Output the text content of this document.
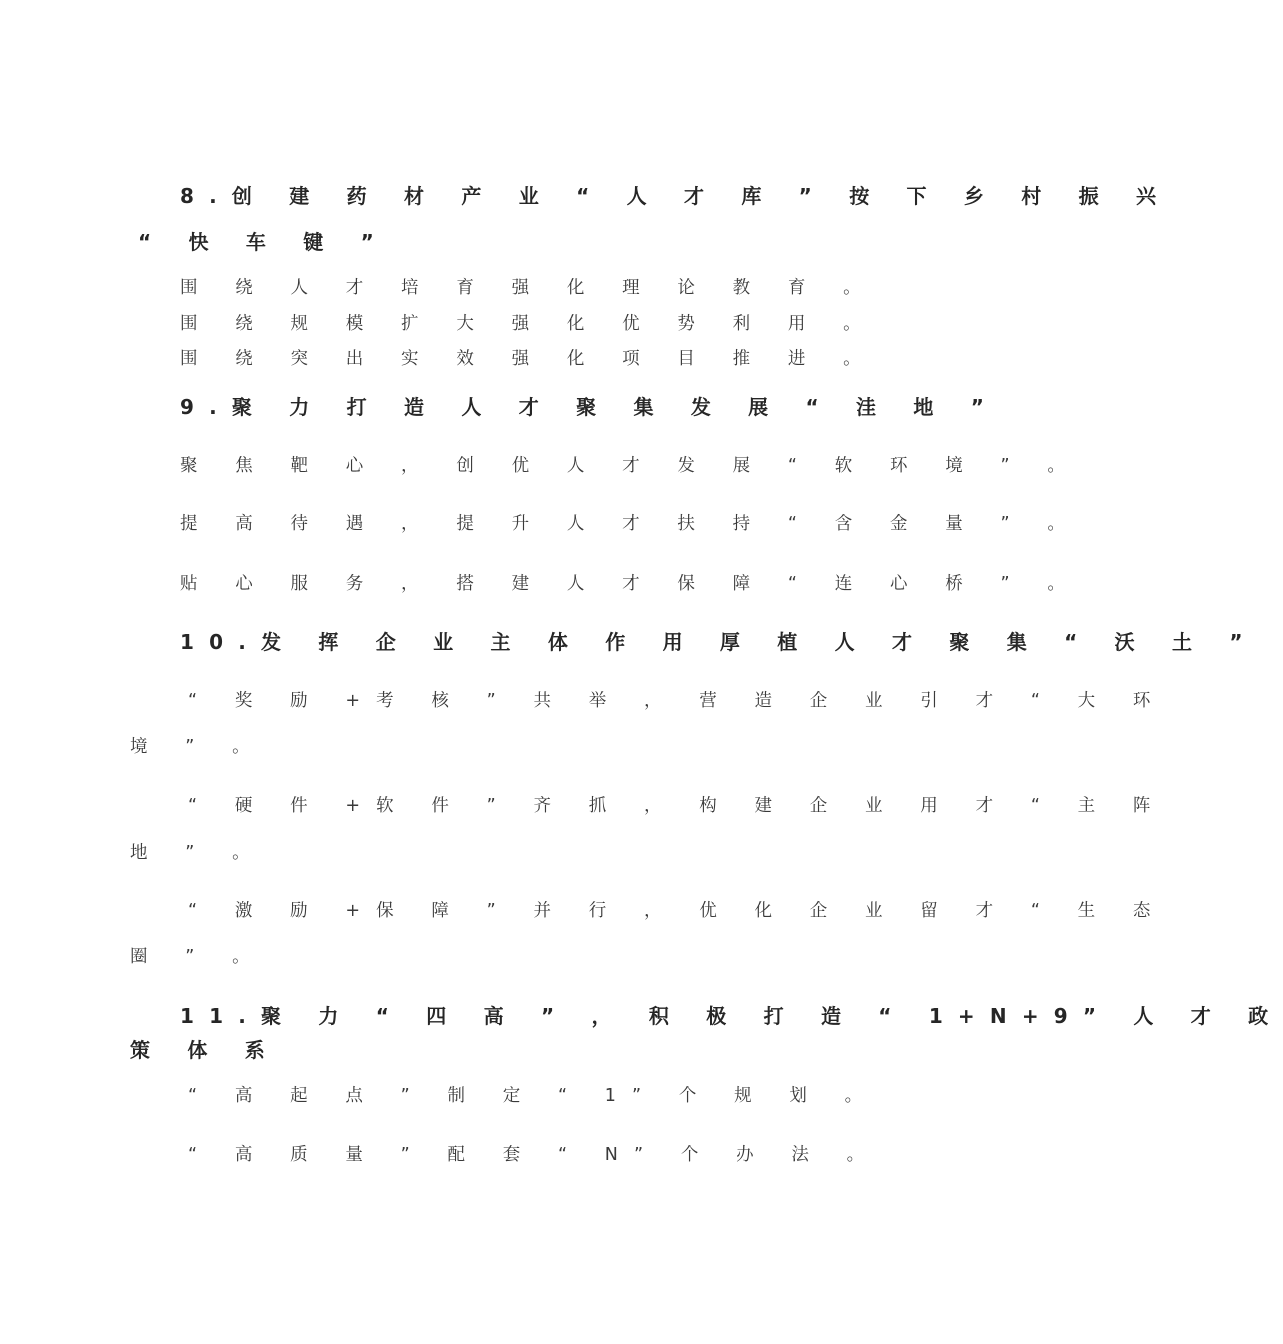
8.创 建 药 材 产 业 “ 人 才 库 ” 按 下 乡 村 振 兴
“ 快 车 键 ”
围 绕 人 才 培 育 强 化 理 论 教 育 。
围 绕 规 模 扩 大 强 化 优 势 利 用 。
围 绕 突 出 实 效 强 化 项 目 推 进 。
9.聚 力 打 造 人 才 聚 集 发 展 “ 洼 地 ”
聚 焦 靶 心 ， 创 优 人 才 发 展 “ 软 环 境 ” 。
提 高 待 遇 ， 提 升 人 才 扶 持 “ 含 金 量 ” 。
贴 心 服 务 ， 搭 建 人 才 保 障 “ 连 心 桥 ” 。
10.发 挥 企 业 主 体 作 用 厚 植 人 才 聚 集 “ 沃 土 ”
“ 奖 励 +考 核 ” 共 举 ， 营 造 企 业 引 才 “ 大 环
境 ” 。
“ 硬 件 +软 件 ” 齐 抓 ， 构 建 企 业 用 才 “ 主 阵
地 ” 。
“ 激 励 +保 障 ” 并 行 ， 优 化 企 业 留 才 “ 生 态
圈 ” 。
11.聚 力 “ 四 高 ” ， 积 极 打 造 “ 1+N+9” 人 才 政
策 体 系
“ 高 起 点 ” 制 定 “ 1” 个 规 划 。
“ 高 质 量 ” 配 套 “ N” 个 办 法 。
